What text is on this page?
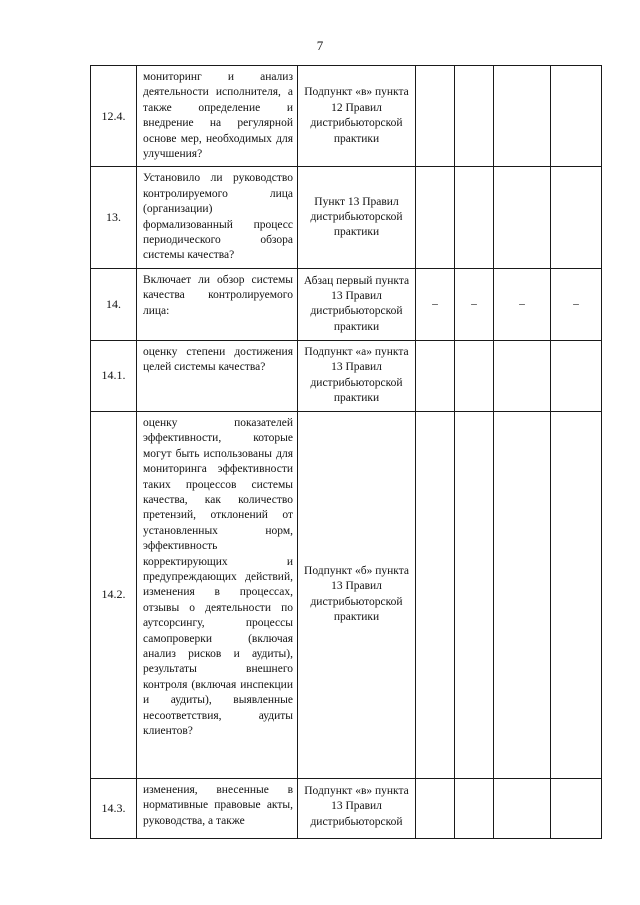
7
12.4.	мониторинг и анализ деятельности исполнителя, а также определение и внедрение на регулярной основе мер, необходимых для улучшения?	Подпункт «в» пункта 12 Правил дистрибьюторской практики				
13.	Установило ли руководство контролируемого лица (организации) формализованный процесс периодического обзора системы качества?	Пункт 13 Правил дистрибьюторской практики				
14.	Включает ли обзор системы качества контролируемого лица:	Абзац первый пункта 13 Правил дистрибьюторской практики	–	–	–	–
14.1.	оценку степени достижения целей системы качества?	Подпункт «а» пункта 13 Правил дистрибьюторской практики				
14.2.	оценку показателей эффективности, которые могут быть использованы для мониторинга эффективности таких процессов системы качества, как количество претензий, отклонений от установленных норм, эффективность корректирующих и предупреждающих действий, изменения в процессах, отзывы о деятельности по аутсорсингу, процессы самопроверки (включая анализ рисков и аудиты), результаты внешнего контроля (включая инспекции и аудиты), выявленные несоответствия, аудиты клиентов?	Подпункт «б» пункта 13 Правил дистрибьюторской практики				
14.3.	изменения, внесенные в нормативные правовые акты, руководства, а также	Подпункт «в» пункта 13 Правил дистрибьюторской				
